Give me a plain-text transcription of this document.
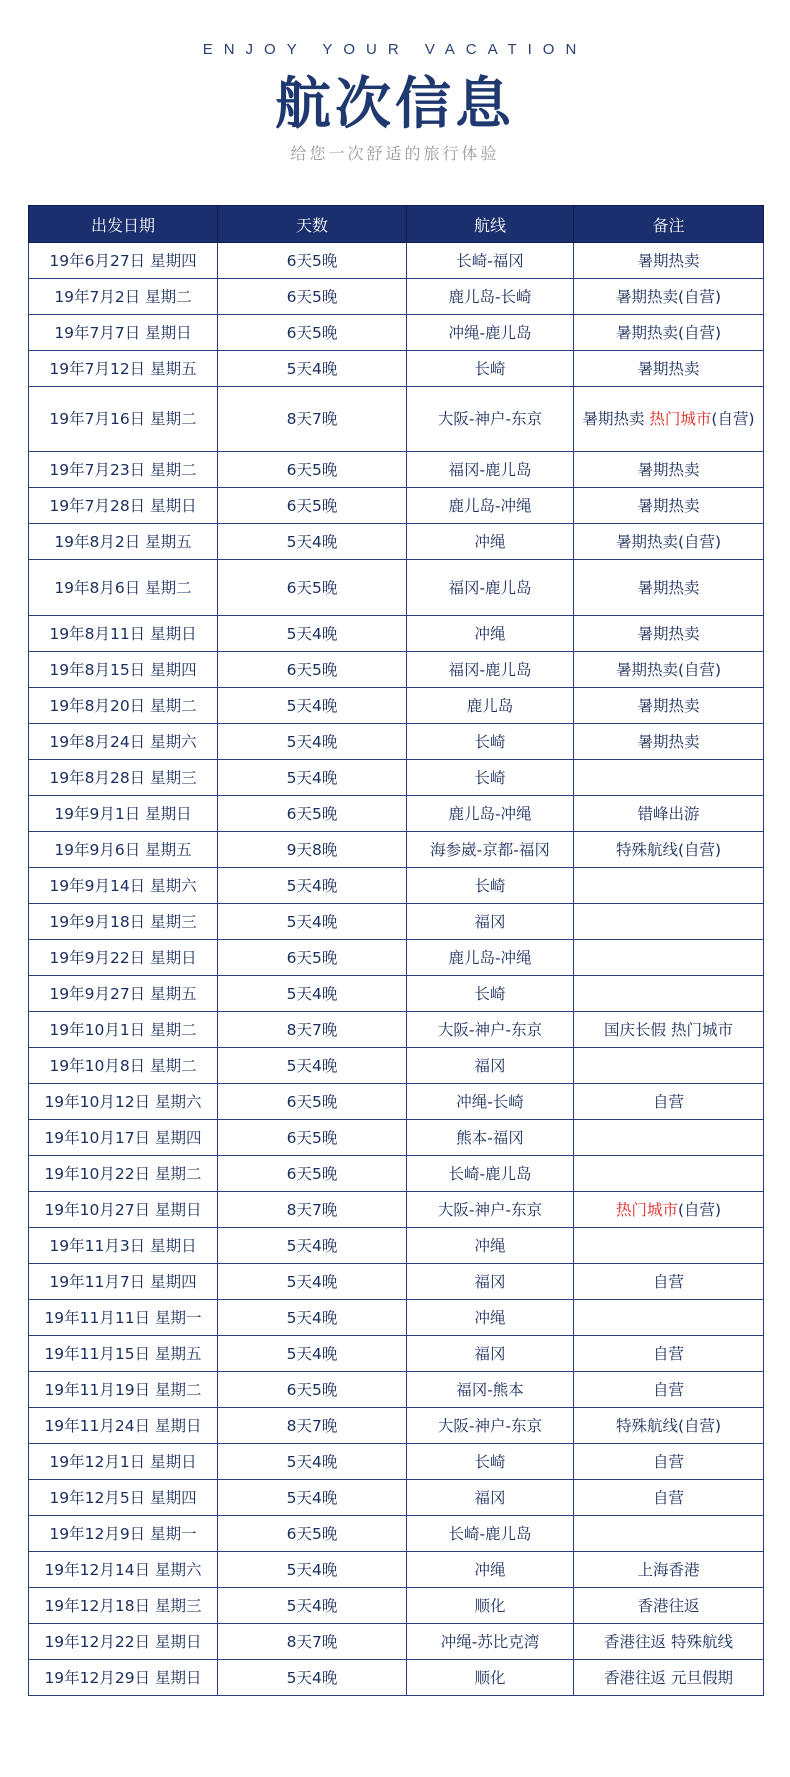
ENJOY YOUR VACATION
航次信息
给您一次舒适的旅行体验
出发日期	天数	航线	备注
19年6月27日 星期四	6天5晚	长崎-福冈	暑期热卖
19年7月2日 星期二	6天5晚	鹿儿岛-长崎	暑期热卖(自营)
19年7月7日 星期日	6天5晚	冲绳-鹿儿岛	暑期热卖(自营)
19年7月12日 星期五	5天4晚	长崎	暑期热卖
19年7月16日 星期二	8天7晚	大阪-神户-东京	暑期热卖 热门城市(自营)
19年7月23日 星期二	6天5晚	福冈-鹿儿岛	暑期热卖
19年7月28日 星期日	6天5晚	鹿儿岛-冲绳	暑期热卖
19年8月2日 星期五	5天4晚	冲绳	暑期热卖(自营)
19年8月6日 星期二	6天5晚	福冈-鹿儿岛	暑期热卖
19年8月11日 星期日	5天4晚	冲绳	暑期热卖
19年8月15日 星期四	6天5晚	福冈-鹿儿岛	暑期热卖(自营)
19年8月20日 星期二	5天4晚	鹿儿岛	暑期热卖
19年8月24日 星期六	5天4晚	长崎	暑期热卖
19年8月28日 星期三	5天4晚	长崎	
19年9月1日 星期日	6天5晚	鹿儿岛-冲绳	错峰出游
19年9月6日 星期五	9天8晚	海参崴-京都-福冈	特殊航线(自营)
19年9月14日 星期六	5天4晚	长崎	
19年9月18日 星期三	5天4晚	福冈	
19年9月22日 星期日	6天5晚	鹿儿岛-冲绳	
19年9月27日 星期五	5天4晚	长崎	
19年10月1日 星期二	8天7晚	大阪-神户-东京	国庆长假 热门城市
19年10月8日 星期二	5天4晚	福冈	
19年10月12日 星期六	6天5晚	冲绳-长崎	自营
19年10月17日 星期四	6天5晚	熊本-福冈	
19年10月22日 星期二	6天5晚	长崎-鹿儿岛	
19年10月27日 星期日	8天7晚	大阪-神户-东京	热门城市(自营)
19年11月3日 星期日	5天4晚	冲绳	
19年11月7日 星期四	5天4晚	福冈	自营
19年11月11日 星期一	5天4晚	冲绳	
19年11月15日 星期五	5天4晚	福冈	自营
19年11月19日 星期二	6天5晚	福冈-熊本	自营
19年11月24日 星期日	8天7晚	大阪-神户-东京	特殊航线(自营)
19年12月1日 星期日	5天4晚	长崎	自营
19年12月5日 星期四	5天4晚	福冈	自营
19年12月9日 星期一	6天5晚	长崎-鹿儿岛	
19年12月14日 星期六	5天4晚	冲绳	上海香港
19年12月18日 星期三	5天4晚	顺化	香港往返
19年12月22日 星期日	8天7晚	冲绳-苏比克湾	香港往返 特殊航线
19年12月29日 星期日	5天4晚	顺化	香港往返 元旦假期
